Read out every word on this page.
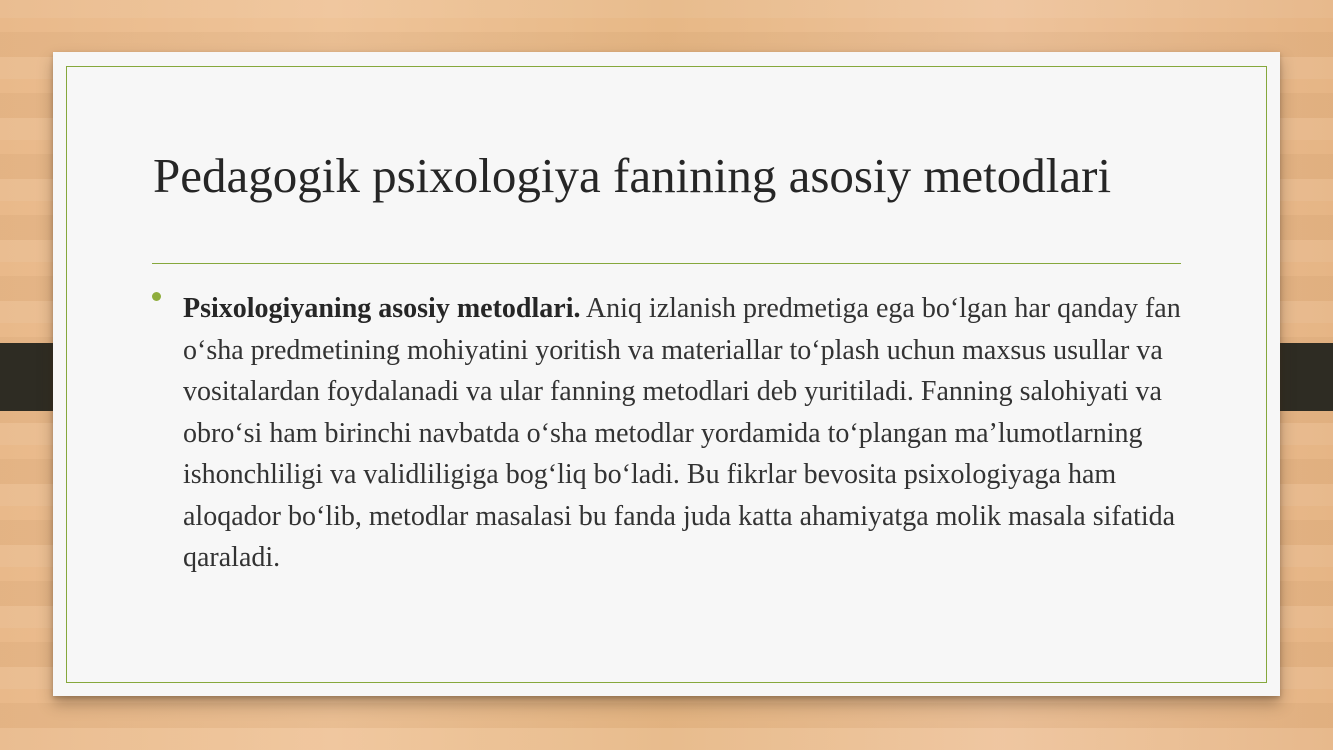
Pedagogik psixologiya fanining asosiy metodlari

Psixologiyaning asosiy metodlari. Aniq izlanish predmetiga ega bo‘lgan har qanday fan o‘sha predmetining mohiyatini yoritish va materiallar to‘plash uchun maxsus usullar va vositalardan foydalanadi va ular fanning metodlari deb yuritiladi. Fanning salohiyati va obro‘si ham birinchi navbatda o‘sha metodlar yordamida to‘plangan ma’lumotlarning ishonchliligi va validliligiga bog‘liq bo‘ladi. Bu fikrlar bevosita psixologiyaga ham aloqador bo‘lib, metodlar masalasi bu fanda juda katta ahamiyatga molik masala sifatida qaraladi.
